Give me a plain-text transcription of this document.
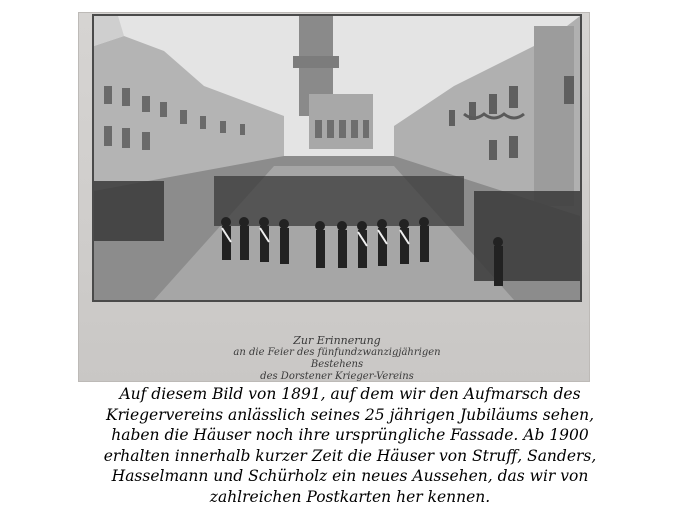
Zur Erinnerung
an die Feier des fünfundzwanzigjährigen Bestehens
des Dorstener Krieger-Vereins
Auf diesem Bild von 1891, auf dem wir den Aufmarsch des
Kriegervereins anlässlich seines 25 jährigen Jubiläums sehen,
haben die Häuser noch ihre ursprüngliche Fassade. Ab 1900
erhalten innerhalb kurzer Zeit die Häuser von Struff, Sanders,
Hasselmann und Schürholz ein neues Aussehen, das wir von
zahlreichen Postkarten her kennen.
